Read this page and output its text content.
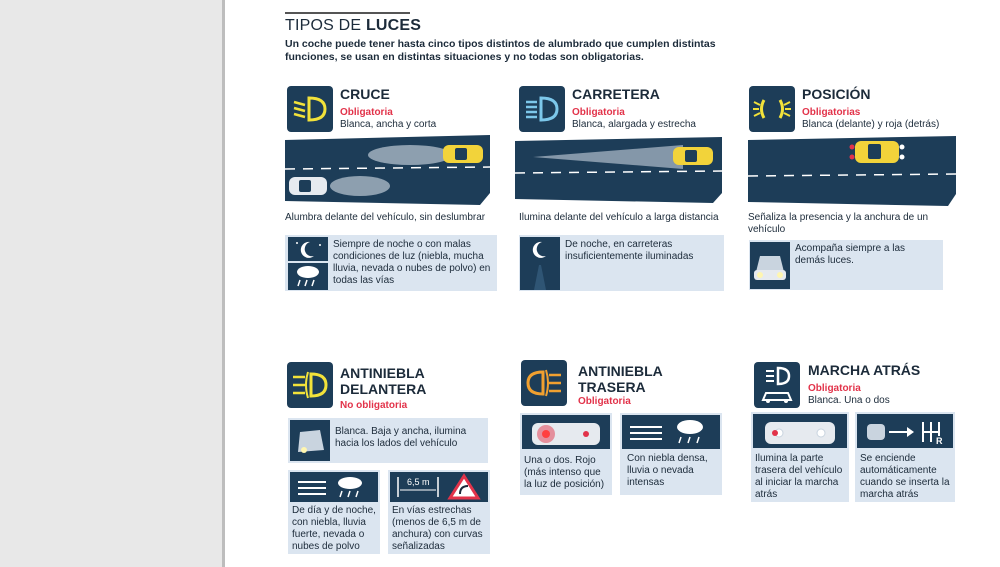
TIPOS DE LUCES
Un coche puede tener hasta cinco tipos distintos de alumbrado que cumplen distintas funciones, se usan en distintas situaciones y no todas son obligatorias.
CRUCE
Obligatoria
Blanca, ancha y corta
Alumbra delante del vehículo, sin deslumbrar
Siempre de noche o con malas condiciones de luz (niebla, mucha lluvia, nevada o nubes de polvo) en todas las vías
CARRETERA
Obligatoria
Blanca, alargada y estrecha
Ilumina delante del vehículo a larga distancia
De noche, en carreteras insuficientemente iluminadas
POSICIÓN
Obligatorias
Blanca (delante) y roja (detrás)
Señaliza la presencia y la anchura de un vehículo
Acompaña siempre a las demás luces.
ANTINIEBLA
DELANTERA
No obligatoria
Blanca. Baja y ancha, ilumina hacia los lados del vehículo
De día y de noche, con niebla, lluvia fuerte, nevada o nubes de polvo
6,5 m
En vías estrechas (menos de 6,5 m de anchura) con curvas señalizadas
ANTINIEBLA
TRASERA
Obligatoria
Una o dos. Rojo (más intenso que la luz de posición)
Con niebla densa, lluvia o nevada intensas
MARCHA ATRÁS
Obligatoria
Blanca. Una o dos
Ilumina la parte trasera del vehículo al iniciar la marcha atrás
R
Se enciende automáticamente cuando se inserta la marcha atrás
